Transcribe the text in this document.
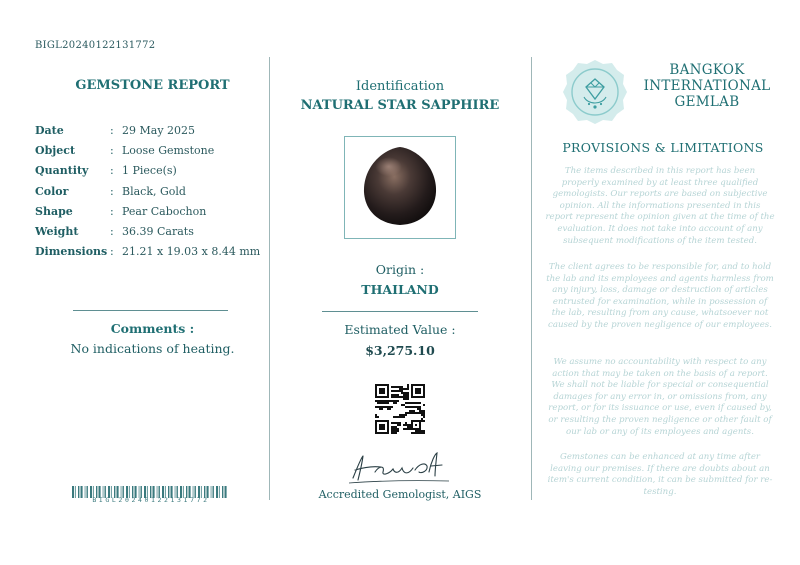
BIGL20240122131772
GEMSTONE REPORT
Date	: 29 May 2025
Object	: Loose Gemstone
Quantity	: 1 Piece(s)
Color	: Black, Gold
Shape	: Pear Cabochon
Weight	: 36.39 Carats
Dimensions : 21.21 x 19.03 x 8.44 mm
Comments :
No indications of heating.
BIGL20240122131772
Identification
NATURAL STAR SAPPHIRE
Origin :
THAILAND
Estimated Value :
$3,275.10
Accredited Gemologist, AIGS
BANGKOK
INTERNATIONAL
GEMLAB
PROVISIONS & LIMITATIONS
The items described in this report has been properly examined by at least three qualified gemologists. Our reports are based on subjective opinion. All the informations presented in this report represent the opinion given at the time of the evaluation. It does not take into account of any subsequent modifications of the item tested.
The client agrees to be responsible for, and to hold the lab and its employees and agents harmless from any injury, loss, damage or destruction of articles entrusted for examination, while in possession of the lab, resulting from any cause, whatsoever not caused by the proven negligence of our employees.
We assume no accountability with respect to any action that may be taken on the basis of a report. We shall not be liable for special or consequential damages for any error in, or omissions from, any report, or for its issuance or use, even if caused by, or resulting the proven negligence or other fault of our lab or any of its employees and agents.
Gemstones can be enhanced at any time after leaving our premises. If there are doubts about an item's current condition, it can be submitted for re-testing.
